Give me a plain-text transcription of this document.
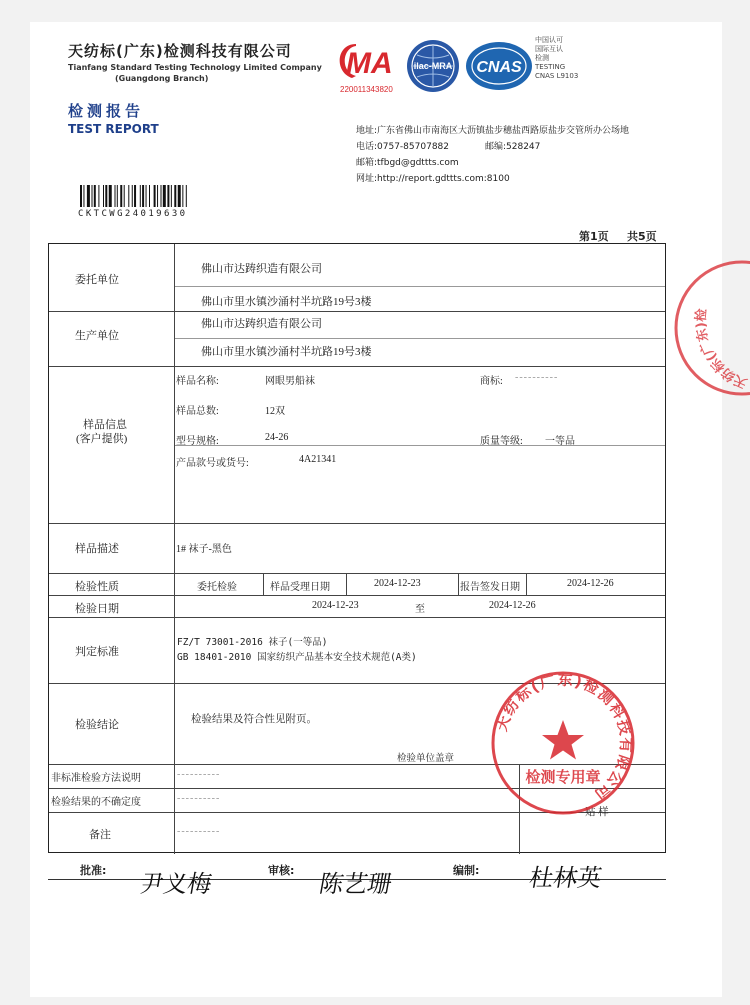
天纺标(广东)检测科技有限公司
Tianfang Standard Testing Technology Limited Company
(Guangdong Branch)
检测报告
TEST REPORT
MA
220011343820
ilac-MRA CNAS
中国认可
国际互认
检测
TESTING
CNAS L9103
地址:广东省佛山市南海区大沥镇盐步穗盐西路原盐步交管所办公场地
电话:0757-85707882	邮编:528247
邮箱:tfbgd@gdttts.com
网址:http://report.gdttts.com:8100
CKTCWG24019630
第1页 共5页
委托单位
佛山市达踌织造有限公司
佛山市里水镇沙涌村半坑路19号3楼
生产单位
佛山市达踌织造有限公司
佛山市里水镇沙涌村半坑路19号3楼
样品信息
(客户提供)
样品名称:	网眼男船袜	商标: ----------
样品总数:	12双
型号规格:	24-26	质量等级: 一等品
产品款号或货号:	4A21341
样品描述	1# 袜子-黑色
检验性质	委托检验	样品受理日期	2024-12-23	报告签发日期	2024-12-26
检验日期	2024-12-23	至	2024-12-26
判定标准
FZ/T 73001-2016 袜子(一等品)
GB 18401-2010 国家纺织产品基本安全技术规范(A类)
检验结论	检验结果及符合性见附页。
检验单位盖章
非标准检验方法说明	----------
检验结果的不确定度	----------
备注	----------
贴 样
批准:	审核:	编制:
尹义梅	陈艺珊	杜林英
天纺标(广东)检测科技有限公司
检测专用章
天纺标(广东)检
